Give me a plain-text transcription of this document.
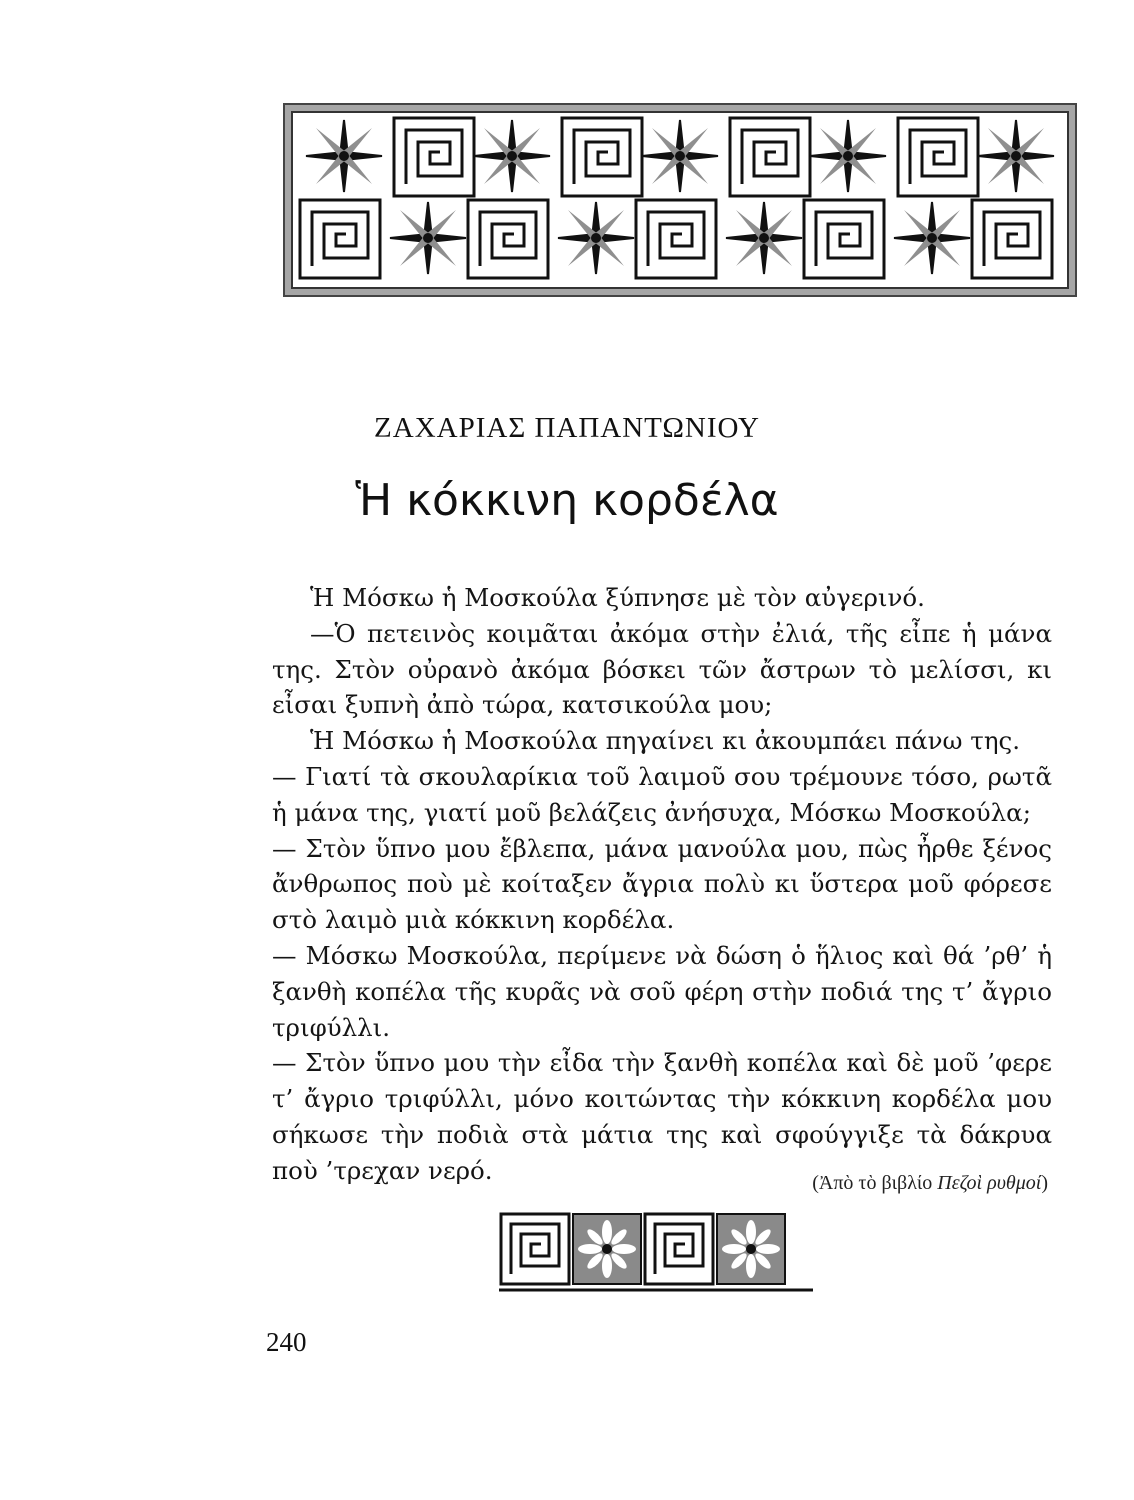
ΖΑΧΑΡΙΑΣ ΠΑΠΑΝΤΩΝΙΟΥ
Ἡ κόκκινη κορδέλα

Ἡ Μόσκω ἡ Μοσκούλα ξύπνησε μὲ τὸν αὐγερινό.

—Ὁ πετεινὸς κοιμᾶται ἀκόμα στὴν ἐλιά, τῆς εἶπε ἡ μάνα της. Στὸν οὐρανὸ ἀκόμα βόσκει τῶν ἄστρων τὸ μελίσσι, κι εἶσαι ξυπνὴ ἀπὸ τώρα, κατσικούλα μου;

Ἡ Μόσκω ἡ Μοσκούλα πηγαίνει κι ἀκουμπάει πάνω της.

— Γιατί τὰ σκουλαρίκια τοῦ λαιμοῦ σου τρέμουνε τόσο, ρωτᾶ ἡ μάνα της, γιατί μοῦ βελάζεις ἀνήσυχα, Μόσκω Μοσκούλα;

— Στὸν ὕπνο μου ἔβλεπα, μάνα μανούλα μου, πὼς ἦρθε ξένος ἄνθρωπος ποὺ μὲ κοίταξεν ἄγρια πολὺ κι ὕστερα μοῦ φόρεσε στὸ λαιμὸ μιὰ κόκκινη κορδέλα.

— Μόσκω Μοσκούλα, περίμενε νὰ δώση ὁ ἥλιος καὶ θά ’ρθ’ ἡ ξανθὴ κοπέλα τῆς κυρᾶς νὰ σοῦ φέρη στὴν ποδιά της τ’ ἄγριο τριφύλλι.

— Στὸν ὕπνο μου τὴν εἶδα τὴν ξανθὴ κοπέλα καὶ δὲ μοῦ ’φερε τ’ ἄγριο τριφύλλι, μόνο κοιτώντας τὴν κόκκινη κορδέλα μου σήκωσε τὴν ποδιὰ στὰ μάτια της καὶ σφούγγιξε τὰ δάκρυα ποὺ ’τρεχαν νερό.	(Ἀπὸ τὸ βιβλίο Πεζοὶ ρυθμοί)
240
